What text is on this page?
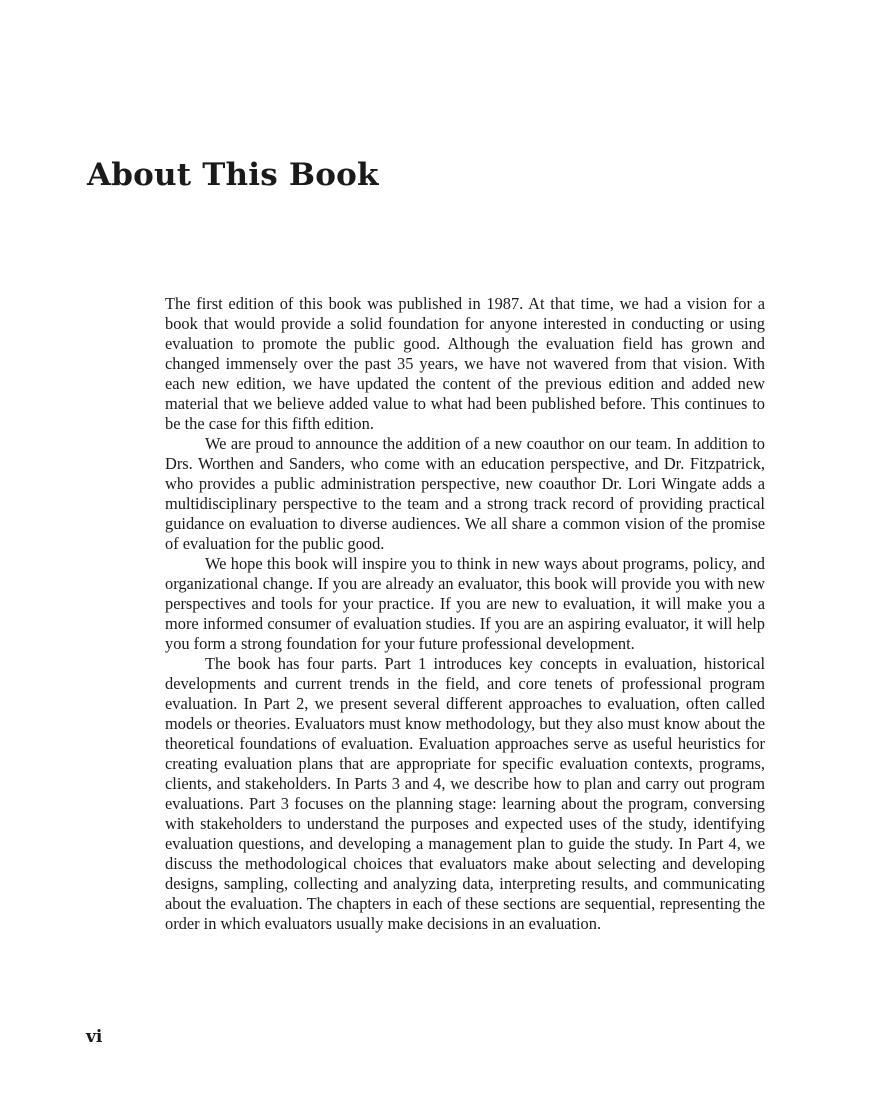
About This Book

The first edition of this book was published in 1987. At that time, we had a vision for a book that would provide a solid foundation for anyone interested in conducting or using evaluation to promote the public good. Although the evaluation field has grown and changed immensely over the past 35 years, we have not wavered from that vision. With each new edition, we have updated the content of the previous edition and added new material that we believe added value to what had been published before. This continues to be the case for this fifth edition.

We are proud to announce the addition of a new coauthor on our team. In addition to Drs. Worthen and Sanders, who come with an education perspective, and Dr. Fitzpatrick, who provides a public administration perspective, new coauthor Dr. Lori Wingate adds a multidisciplinary perspective to the team and a strong track record of providing practical guidance on evaluation to diverse audiences. We all share a common vision of the promise of evaluation for the public good.

We hope this book will inspire you to think in new ways about programs, policy, and organizational change. If you are already an evaluator, this book will provide you with new perspectives and tools for your practice. If you are new to evaluation, it will make you a more informed consumer of evaluation studies. If you are an aspiring evaluator, it will help you form a strong foundation for your future professional development.

The book has four parts. Part 1 introduces key concepts in evaluation, historical developments and current trends in the field, and core tenets of professional program evaluation. In Part 2, we present several different approaches to evaluation, often called models or theories. Evaluators must know methodology, but they also must know about the theoretical foundations of evaluation. Evaluation approaches serve as useful heuristics for creating evaluation plans that are appropriate for specific evaluation contexts, programs, clients, and stakeholders. In Parts 3 and 4, we describe how to plan and carry out program evaluations. Part 3 focuses on the planning stage: learning about the program, conversing with stakeholders to understand the purposes and expected uses of the study, identifying evaluation questions, and developing a management plan to guide the study. In Part 4, we discuss the methodological choices that evaluators make about selecting and developing designs, sampling, collecting and analyzing data, interpreting results, and communicating about the evaluation. The chapters in each of these sections are sequential, representing the order in which evaluators usually make decisions in an evaluation.

vi
